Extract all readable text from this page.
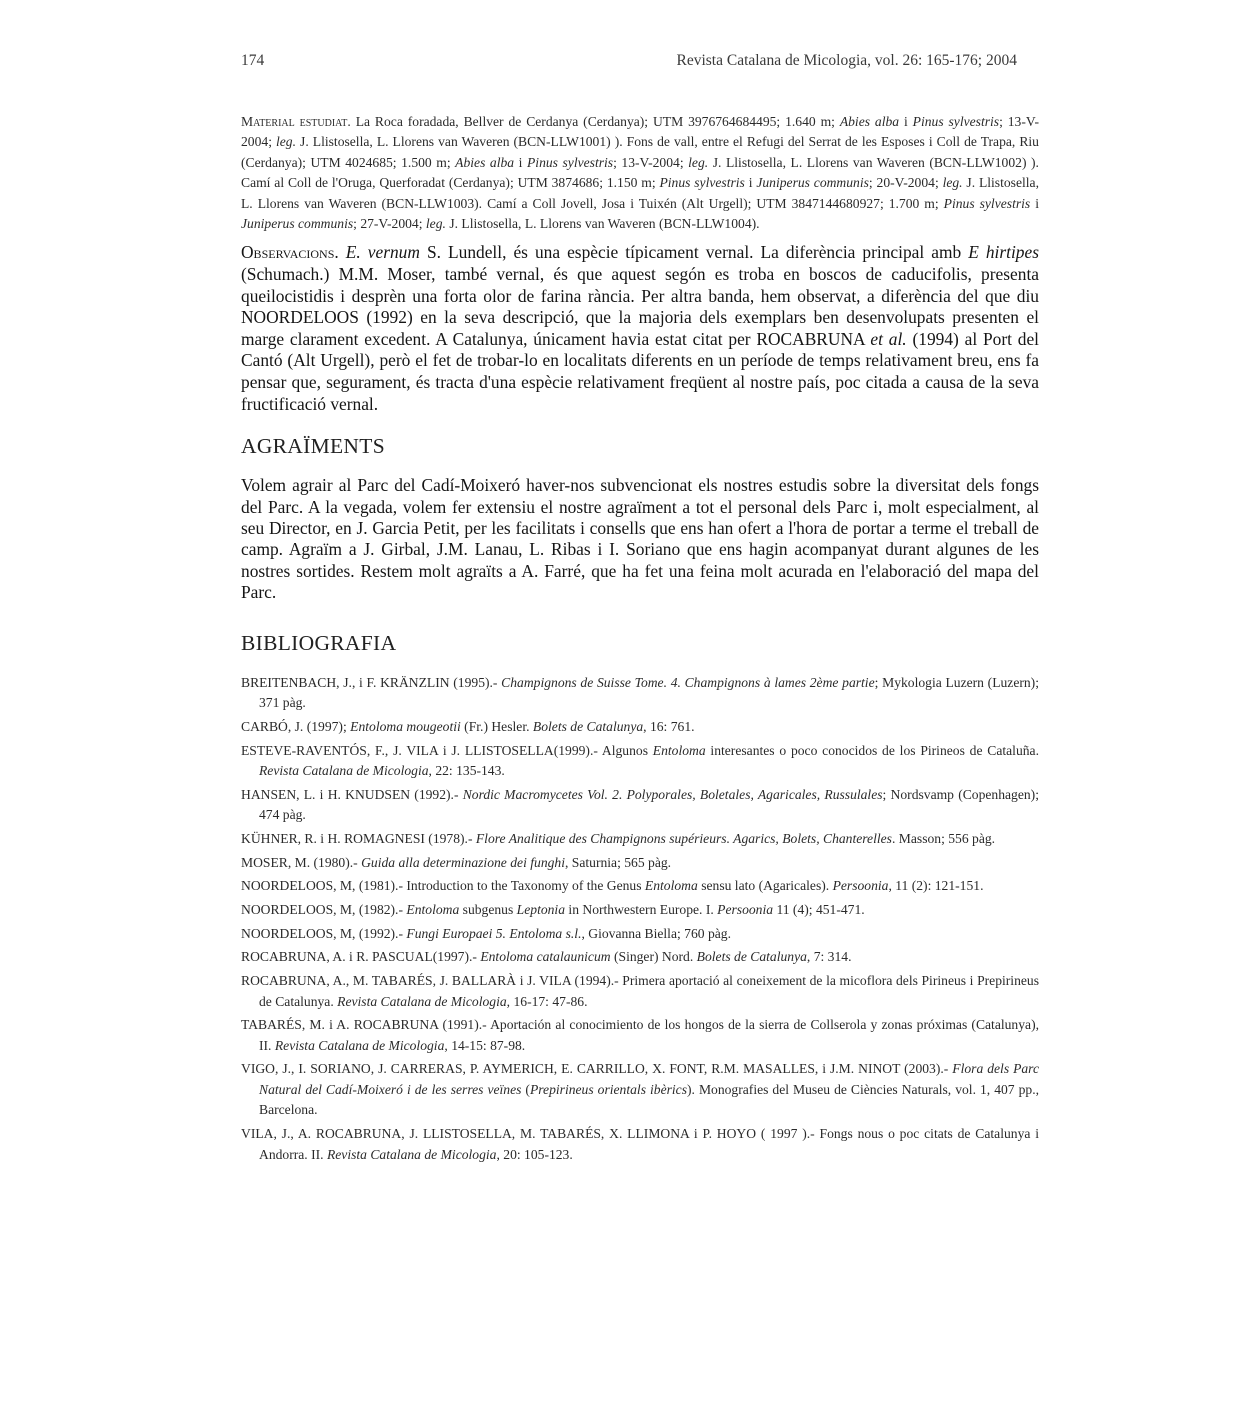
174	Revista Catalana de Micologia, vol. 26: 165-176; 2004

Material estudiat. La Roca foradada, Bellver de Cerdanya (Cerdanya); UTM 3976764684495; 1.640 m; Abies alba i Pinus sylvestris; 13-V-2004; leg. J. Llistosella, L. Llorens van Waveren (BCN-LLW1001) ). Fons de vall, entre el Refugi del Serrat de les Esposes i Coll de Trapa, Riu (Cerdanya); UTM 4024685; 1.500 m; Abies alba i Pinus sylvestris; 13-V-2004; leg. J. Llistosella, L. Llorens van Waveren (BCN-LLW1002) ). Camí al Coll de l'Oruga, Querforadat (Cerdanya); UTM 3874686; 1.150 m; Pinus sylvestris i Juniperus communis; 20-V-2004; leg. J. Llistosella, L. Llorens van Waveren (BCN-LLW1003). Camí a Coll Jovell, Josa i Tuixén (Alt Urgell); UTM 3847144680927; 1.700 m; Pinus sylvestris i Juniperus communis; 27-V-2004; leg. J. Llistosella, L. Llorens van Waveren (BCN-LLW1004).

Observacions. E. vernum S. Lundell, és una espècie típicament vernal. La diferència principal amb E hirtipes (Schumach.) M.M. Moser, també vernal, és que aquest segón es troba en boscos de caducifolis, presenta queilocistidis i desprèn una forta olor de farina rància. Per altra banda, hem observat, a diferència del que diu NOORDELOOS (1992) en la seva descripció, que la majoria dels exemplars ben desenvolupats presenten el marge clarament excedent. A Catalunya, únicament havia estat citat per ROCABRUNA et al. (1994) al Port del Cantó (Alt Urgell), però el fet de trobar-lo en localitats diferents en un període de temps relativament breu, ens fa pensar que, segurament, és tracta d'una espècie relativament freqüent al nostre país, poc citada a causa de la seva fructificació vernal.

AGRAÏMENTS

Volem agrair al Parc del Cadí-Moixeró haver-nos subvencionat els nostres estudis sobre la diversitat dels fongs del Parc. A la vegada, volem fer extensiu el nostre agraïment a tot el personal dels Parc i, molt especialment, al seu Director, en J. Garcia Petit, per les facilitats i consells que ens han ofert a l'hora de portar a terme el treball de camp. Agraïm a J. Girbal, J.M. Lanau, L. Ribas i I. Soriano que ens hagin acompanyat durant algunes de les nostres sortides. Restem molt agraïts a A. Farré, que ha fet una feina molt acurada en l'elaboració del mapa del Parc.

BIBLIOGRAFIA
BREITENBACH, J., i F. KRÄNZLIN (1995).- Champignons de Suisse Tome. 4. Champignons à lames 2ème partie; Mykologia Luzern (Luzern); 371 pàg.
CARBÓ, J. (1997); Entoloma mougeotii (Fr.) Hesler. Bolets de Catalunya, 16: 761.
ESTEVE-RAVENTÓS, F., J. VILA i J. LLISTOSELLA(1999).- Algunos Entoloma interesantes o poco conocidos de los Pirineos de Cataluña. Revista Catalana de Micologia, 22: 135-143.
HANSEN, L. i H. KNUDSEN (1992).- Nordic Macromycetes Vol. 2. Polyporales, Boletales, Agaricales, Russulales; Nordsvamp (Copenhagen); 474 pàg.
KÜHNER, R. i H. ROMAGNESI (1978).- Flore Analitique des Champignons supérieurs. Agarics, Bolets, Chanterelles. Masson; 556 pàg.
MOSER, M. (1980).- Guida alla determinazione dei funghi, Saturnia; 565 pàg.
NOORDELOOS, M, (1981).- Introduction to the Taxonomy of the Genus Entoloma sensu lato (Agaricales). Persoonia, 11 (2): 121-151.
NOORDELOOS, M, (1982).- Entoloma subgenus Leptonia in Northwestern Europe. I. Persoonia 11 (4); 451-471.
NOORDELOOS, M, (1992).- Fungi Europaei 5. Entoloma s.l., Giovanna Biella; 760 pàg.
ROCABRUNA, A. i R. PASCUAL(1997).- Entoloma catalaunicum (Singer) Nord. Bolets de Catalunya, 7: 314.
ROCABRUNA, A., M. TABARÉS, J. BALLARÀ i J. VILA (1994).- Primera aportació al coneixement de la micoflora dels Pirineus i Prepirineus de Catalunya. Revista Catalana de Micologia, 16-17: 47-86.
TABARÉS, M. i A. ROCABRUNA (1991).- Aportación al conocimiento de los hongos de la sierra de Collserola y zonas próximas (Catalunya), II. Revista Catalana de Micologia, 14-15: 87-98.
VIGO, J., I. SORIANO, J. CARRERAS, P. AYMERICH, E. CARRILLO, X. FONT, R.M. MASALLES, i J.M. NINOT (2003).- Flora dels Parc Natural del Cadí-Moixeró i de les serres veïnes (Prepirineus orientals ibèrics). Monografies del Museu de Ciències Naturals, vol. 1, 407 pp., Barcelona.
VILA, J., A. ROCABRUNA, J. LLISTOSELLA, M. TABARÉS, X. LLIMONA i P. HOYO ( 1997 ).- Fongs nous o poc citats de Catalunya i Andorra. II. Revista Catalana de Micologia, 20: 105-123.
